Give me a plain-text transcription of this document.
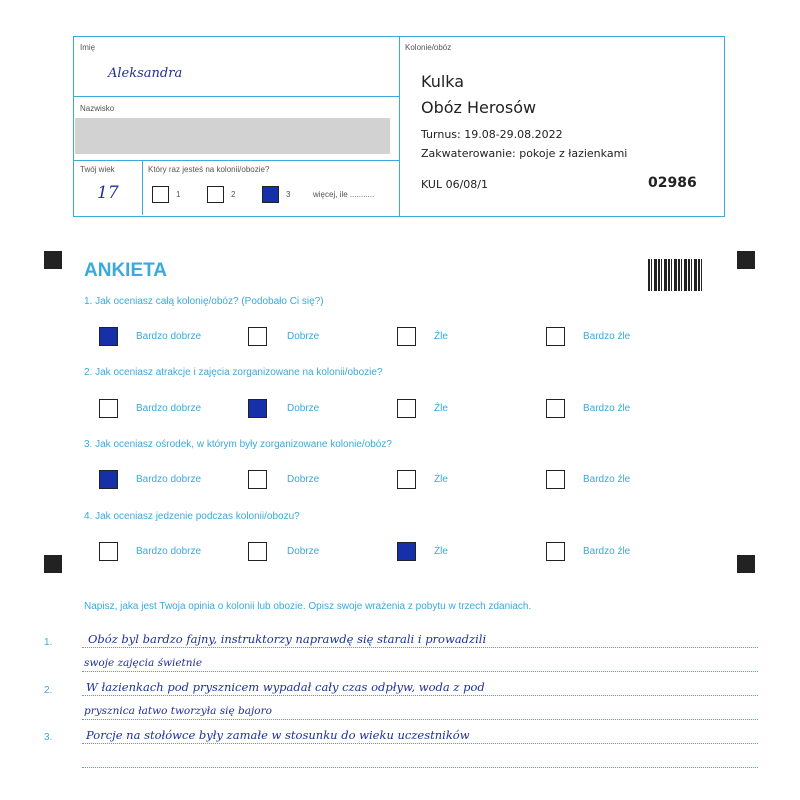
Imię
Aleksandra
Nazwisko
Twój wiek
17
Który raz jesteś na kolonii/obozie?
1	2	3	więcej, ile ...........
Kolonie/obóz
Kulka
Obóz Herosów
Turnus: 19.08-29.08.2022
Zakwaterowanie: pokoje z łazienkami
KUL 06/08/1	02986
ANKIETA
1. Jak oceniasz całą kolonię/obóz? (Podobało Ci się?)
2. Jak oceniasz atrakcje i zajęcia zorganizowane na kolonii/obozie?
3. Jak oceniasz ośrodek, w którym były zorganizowane kolonie/obóz?
4. Jak oceniasz jedzenie podczas kolonii/obozu?
Bardzo dobrze	Dobrze	Źle	Bardzo źle
Bardzo dobrze	Dobrze	Źle	Bardzo źle
Bardzo dobrze	Dobrze	Źle	Bardzo źle
Bardzo dobrze	Dobrze	Źle	Bardzo źle
Napisz, jaka jest Twoja opinia o kolonii lub obozie. Opisz swoje wrażenia z pobytu w trzech zdaniach.
1.
2.
3.
Obóz byl bardzo fajny, instruktorzy naprawdę się starali i prowadzili
swoje zajęcia świetnie
W łazienkach pod prysznicem wypadał cały czas odpływ, woda z pod
prysznica łatwo tworzyła się bajoro
Porcje na stołówce były zamałe w stosunku do wieku uczestników
